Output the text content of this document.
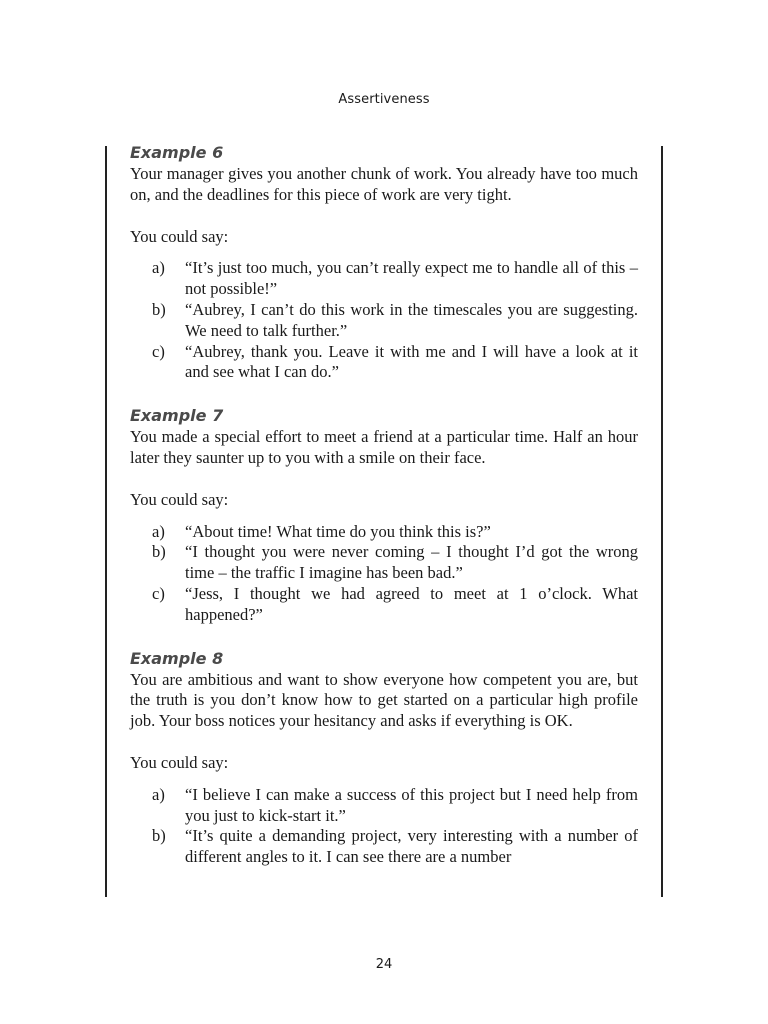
Assertiveness
Example 6

Your manager gives you another chunk of work. You already have too much on, and the deadlines for this piece of work are very tight.

You could say:

a)	“It’s just too much, you can’t really expect me to handle all of this – not possible!”
b)	“Aubrey, I can’t do this work in the timescales you are suggesting. We need to talk further.”
c)	“Aubrey, thank you. Leave it with me and I will have a look at it and see what I can do.”
Example 7

You made a special effort to meet a friend at a particular time. Half an hour later they saunter up to you with a smile on their face.

You could say:

a)	“About time! What time do you think this is?”
b)	“I thought you were never coming – I thought I’d got the wrong time – the traffic I imagine has been bad.”
c)	“Jess, I thought we had agreed to meet at 1 o’clock. What happened?”
Example 8

You are ambitious and want to show everyone how competent you are, but the truth is you don’t know how to get started on a particular high profile job. Your boss notices your hesitancy and asks if everything is OK.

You could say:

a)	“I believe I can make a success of this project but I need help from you just to kick-start it.”
b)	“It’s quite a demanding project, very interesting with a number of different angles to it. I can see there are a number
24
